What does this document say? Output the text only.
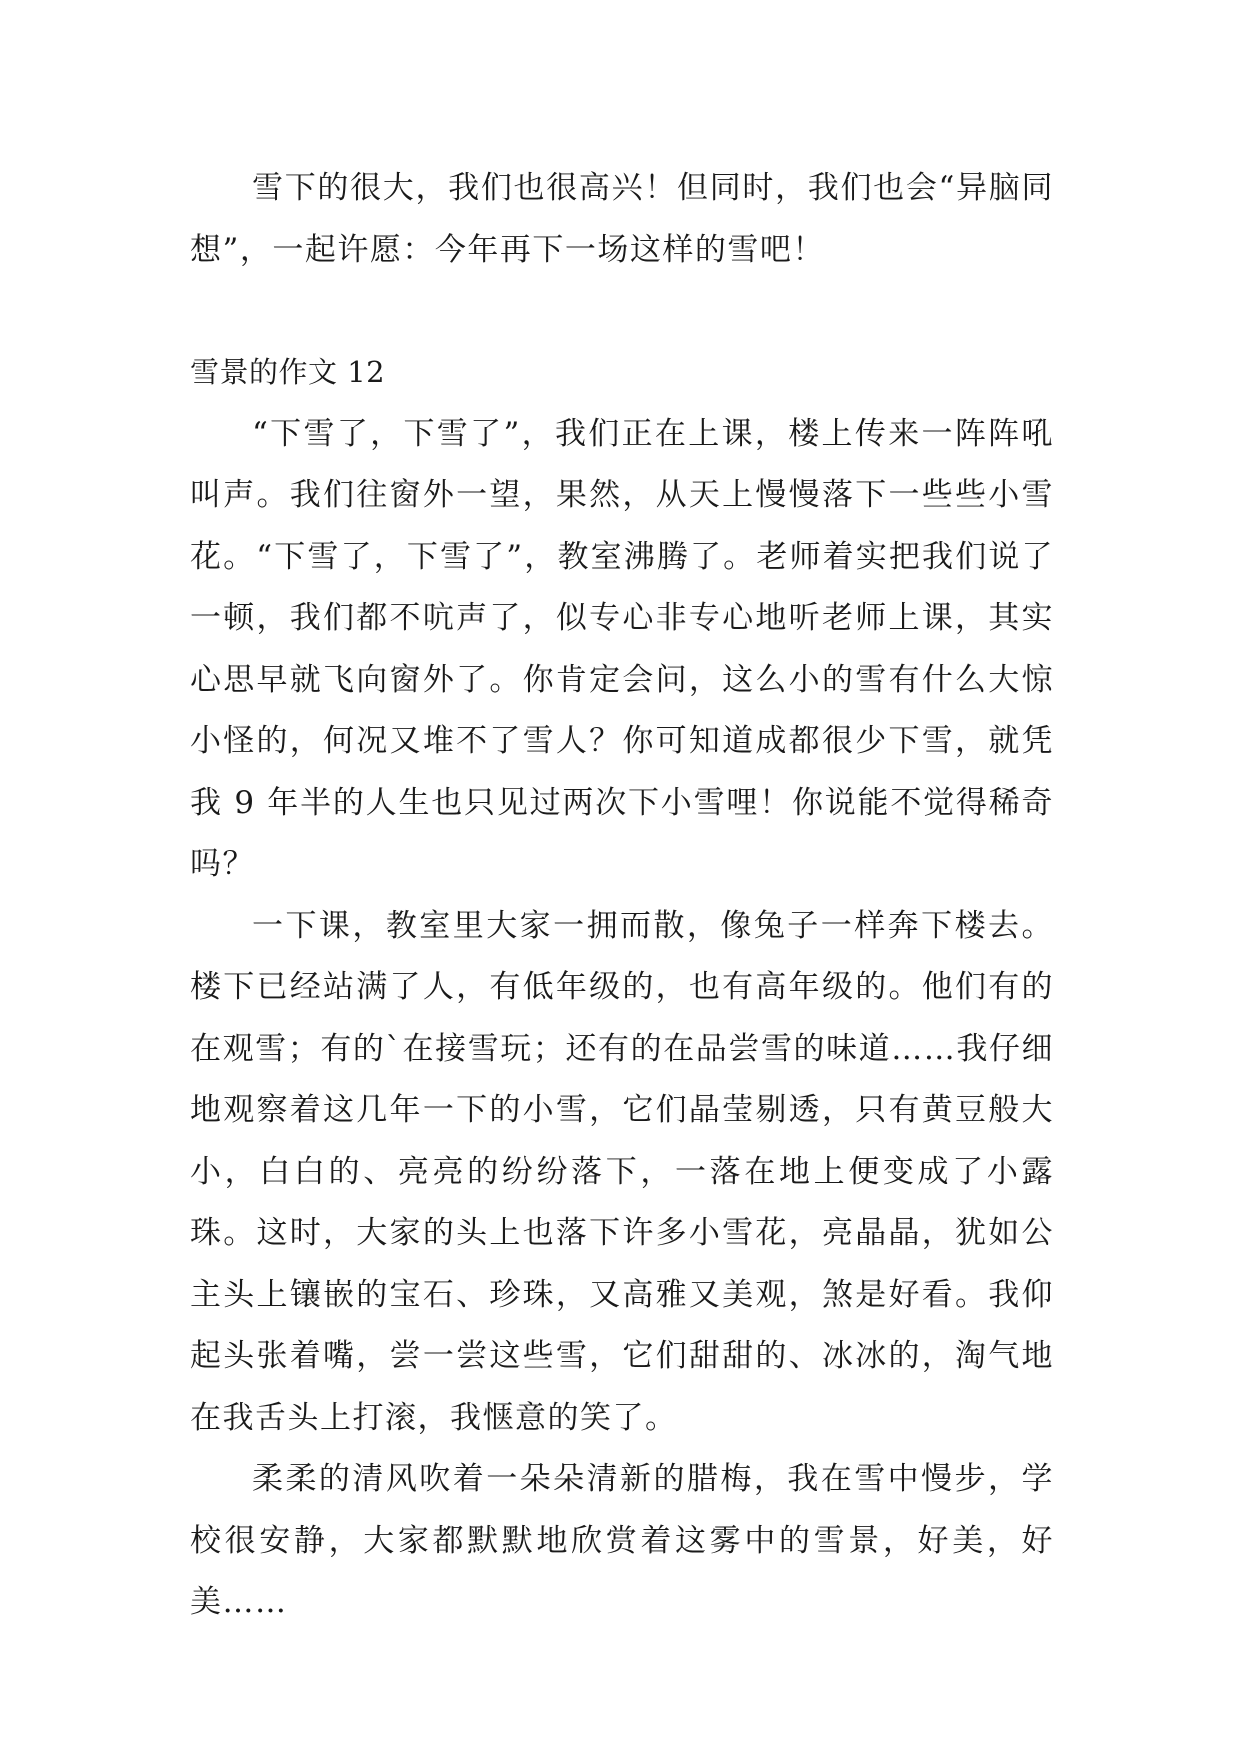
雪下的很大，我们也很高兴！但同时，我们也会“异脑同想”，一起许愿：今年再下一场这样的雪吧！

雪景的作文 12

“下雪了，下雪了”，我们正在上课，楼上传来一阵阵吼叫声。我们往窗外一望，果然，从天上慢慢落下一些些小雪花。“下雪了，下雪了”，教室沸腾了。老师着实把我们说了一顿，我们都不吭声了，似专心非专心地听老师上课，其实心思早就飞向窗外了。你肯定会问，这么小的雪有什么大惊小怪的，何况又堆不了雪人？你可知道成都很少下雪，就凭我 9 年半的人生也只见过两次下小雪哩！你说能不觉得稀奇吗？

一下课，教室里大家一拥而散，像兔子一样奔下楼去。楼下已经站满了人，有低年级的，也有高年级的。他们有的在观雪；有的`在接雪玩；还有的在品尝雪的味道……我仔细地观察着这几年一下的小雪，它们晶莹剔透，只有黄豆般大小，白白的、亮亮的纷纷落下，一落在地上便变成了小露珠。这时，大家的头上也落下许多小雪花，亮晶晶，犹如公主头上镶嵌的宝石、珍珠，又高雅又美观，煞是好看。我仰起头张着嘴，尝一尝这些雪，它们甜甜的、冰冰的，淘气地在我舌头上打滚，我惬意的笑了。

柔柔的清风吹着一朵朵清新的腊梅，我在雪中慢步，学校很安静，大家都默默地欣赏着这雾中的雪景，好美，好美……
